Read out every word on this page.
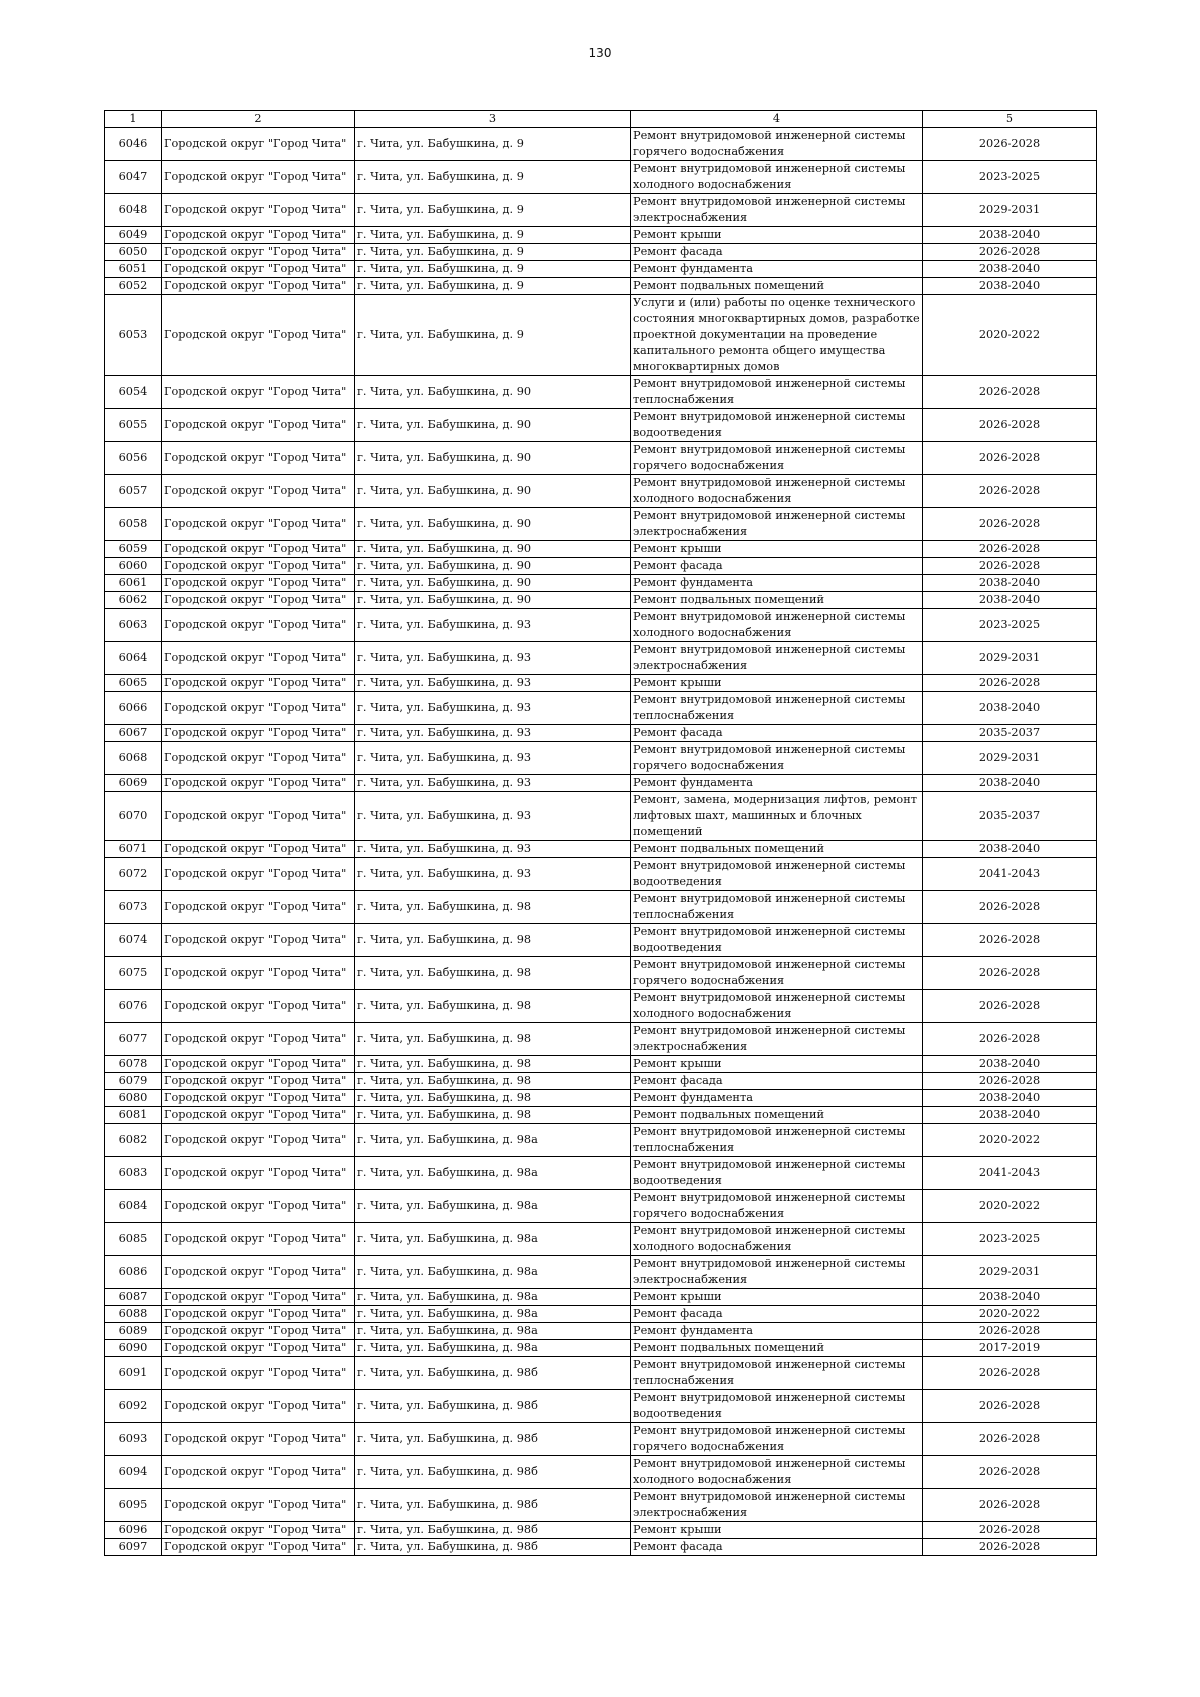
130
1	2	3	4	5
6046	Городской округ "Город Чита"	г. Чита, ул. Бабушкина, д. 9	Ремонт внутридомовой инженерной системы горячего водоснабжения	2026-2028
6047	Городской округ "Город Чита"	г. Чита, ул. Бабушкина, д. 9	Ремонт внутридомовой инженерной системы холодного водоснабжения	2023-2025
6048	Городской округ "Город Чита"	г. Чита, ул. Бабушкина, д. 9	Ремонт внутридомовой инженерной системы электроснабжения	2029-2031
6049	Городской округ "Город Чита"	г. Чита, ул. Бабушкина, д. 9	Ремонт крыши	2038-2040
6050	Городской округ "Город Чита"	г. Чита, ул. Бабушкина, д. 9	Ремонт фасада	2026-2028
6051	Городской округ "Город Чита"	г. Чита, ул. Бабушкина, д. 9	Ремонт фундамента	2038-2040
6052	Городской округ "Город Чита"	г. Чита, ул. Бабушкина, д. 9	Ремонт подвальных помещений	2038-2040
6053	Городской округ "Город Чита"	г. Чита, ул. Бабушкина, д. 9	Услуги и (или) работы по оценке технического состояния многоквартирных домов, разработке проектной документации на проведение капитального ремонта общего имущества многоквартирных домов	2020-2022
6054	Городской округ "Город Чита"	г. Чита, ул. Бабушкина, д. 90	Ремонт внутридомовой инженерной системы теплоснабжения	2026-2028
6055	Городской округ "Город Чита"	г. Чита, ул. Бабушкина, д. 90	Ремонт внутридомовой инженерной системы водоотведения	2026-2028
6056	Городской округ "Город Чита"	г. Чита, ул. Бабушкина, д. 90	Ремонт внутридомовой инженерной системы горячего водоснабжения	2026-2028
6057	Городской округ "Город Чита"	г. Чита, ул. Бабушкина, д. 90	Ремонт внутридомовой инженерной системы холодного водоснабжения	2026-2028
6058	Городской округ "Город Чита"	г. Чита, ул. Бабушкина, д. 90	Ремонт внутридомовой инженерной системы электроснабжения	2026-2028
6059	Городской округ "Город Чита"	г. Чита, ул. Бабушкина, д. 90	Ремонт крыши	2026-2028
6060	Городской округ "Город Чита"	г. Чита, ул. Бабушкина, д. 90	Ремонт фасада	2026-2028
6061	Городской округ "Город Чита"	г. Чита, ул. Бабушкина, д. 90	Ремонт фундамента	2038-2040
6062	Городской округ "Город Чита"	г. Чита, ул. Бабушкина, д. 90	Ремонт подвальных помещений	2038-2040
6063	Городской округ "Город Чита"	г. Чита, ул. Бабушкина, д. 93	Ремонт внутридомовой инженерной системы холодного водоснабжения	2023-2025
6064	Городской округ "Город Чита"	г. Чита, ул. Бабушкина, д. 93	Ремонт внутридомовой инженерной системы электроснабжения	2029-2031
6065	Городской округ "Город Чита"	г. Чита, ул. Бабушкина, д. 93	Ремонт крыши	2026-2028
6066	Городской округ "Город Чита"	г. Чита, ул. Бабушкина, д. 93	Ремонт внутридомовой инженерной системы теплоснабжения	2038-2040
6067	Городской округ "Город Чита"	г. Чита, ул. Бабушкина, д. 93	Ремонт фасада	2035-2037
6068	Городской округ "Город Чита"	г. Чита, ул. Бабушкина, д. 93	Ремонт внутридомовой инженерной системы горячего водоснабжения	2029-2031
6069	Городской округ "Город Чита"	г. Чита, ул. Бабушкина, д. 93	Ремонт фундамента	2038-2040
6070	Городской округ "Город Чита"	г. Чита, ул. Бабушкина, д. 93	Ремонт, замена, модернизация лифтов, ремонт лифтовых шахт, машинных и блочных помещений	2035-2037
6071	Городской округ "Город Чита"	г. Чита, ул. Бабушкина, д. 93	Ремонт подвальных помещений	2038-2040
6072	Городской округ "Город Чита"	г. Чита, ул. Бабушкина, д. 93	Ремонт внутридомовой инженерной системы водоотведения	2041-2043
6073	Городской округ "Город Чита"	г. Чита, ул. Бабушкина, д. 98	Ремонт внутридомовой инженерной системы теплоснабжения	2026-2028
6074	Городской округ "Город Чита"	г. Чита, ул. Бабушкина, д. 98	Ремонт внутридомовой инженерной системы водоотведения	2026-2028
6075	Городской округ "Город Чита"	г. Чита, ул. Бабушкина, д. 98	Ремонт внутридомовой инженерной системы горячего водоснабжения	2026-2028
6076	Городской округ "Город Чита"	г. Чита, ул. Бабушкина, д. 98	Ремонт внутридомовой инженерной системы холодного водоснабжения	2026-2028
6077	Городской округ "Город Чита"	г. Чита, ул. Бабушкина, д. 98	Ремонт внутридомовой инженерной системы электроснабжения	2026-2028
6078	Городской округ "Город Чита"	г. Чита, ул. Бабушкина, д. 98	Ремонт крыши	2038-2040
6079	Городской округ "Город Чита"	г. Чита, ул. Бабушкина, д. 98	Ремонт фасада	2026-2028
6080	Городской округ "Город Чита"	г. Чита, ул. Бабушкина, д. 98	Ремонт фундамента	2038-2040
6081	Городской округ "Город Чита"	г. Чита, ул. Бабушкина, д. 98	Ремонт подвальных помещений	2038-2040
6082	Городской округ "Город Чита"	г. Чита, ул. Бабушкина, д. 98а	Ремонт внутридомовой инженерной системы теплоснабжения	2020-2022
6083	Городской округ "Город Чита"	г. Чита, ул. Бабушкина, д. 98а	Ремонт внутридомовой инженерной системы водоотведения	2041-2043
6084	Городской округ "Город Чита"	г. Чита, ул. Бабушкина, д. 98а	Ремонт внутридомовой инженерной системы горячего водоснабжения	2020-2022
6085	Городской округ "Город Чита"	г. Чита, ул. Бабушкина, д. 98а	Ремонт внутридомовой инженерной системы холодного водоснабжения	2023-2025
6086	Городской округ "Город Чита"	г. Чита, ул. Бабушкина, д. 98а	Ремонт внутридомовой инженерной системы электроснабжения	2029-2031
6087	Городской округ "Город Чита"	г. Чита, ул. Бабушкина, д. 98а	Ремонт крыши	2038-2040
6088	Городской округ "Город Чита"	г. Чита, ул. Бабушкина, д. 98а	Ремонт фасада	2020-2022
6089	Городской округ "Город Чита"	г. Чита, ул. Бабушкина, д. 98а	Ремонт фундамента	2026-2028
6090	Городской округ "Город Чита"	г. Чита, ул. Бабушкина, д. 98а	Ремонт подвальных помещений	2017-2019
6091	Городской округ "Город Чита"	г. Чита, ул. Бабушкина, д. 98б	Ремонт внутридомовой инженерной системы теплоснабжения	2026-2028
6092	Городской округ "Город Чита"	г. Чита, ул. Бабушкина, д. 98б	Ремонт внутридомовой инженерной системы водоотведения	2026-2028
6093	Городской округ "Город Чита"	г. Чита, ул. Бабушкина, д. 98б	Ремонт внутридомовой инженерной системы горячего водоснабжения	2026-2028
6094	Городской округ "Город Чита"	г. Чита, ул. Бабушкина, д. 98б	Ремонт внутридомовой инженерной системы холодного водоснабжения	2026-2028
6095	Городской округ "Город Чита"	г. Чита, ул. Бабушкина, д. 98б	Ремонт внутридомовой инженерной системы электроснабжения	2026-2028
6096	Городской округ "Город Чита"	г. Чита, ул. Бабушкина, д. 98б	Ремонт крыши	2026-2028
6097	Городской округ "Город Чита"	г. Чита, ул. Бабушкина, д. 98б	Ремонт фасада	2026-2028
